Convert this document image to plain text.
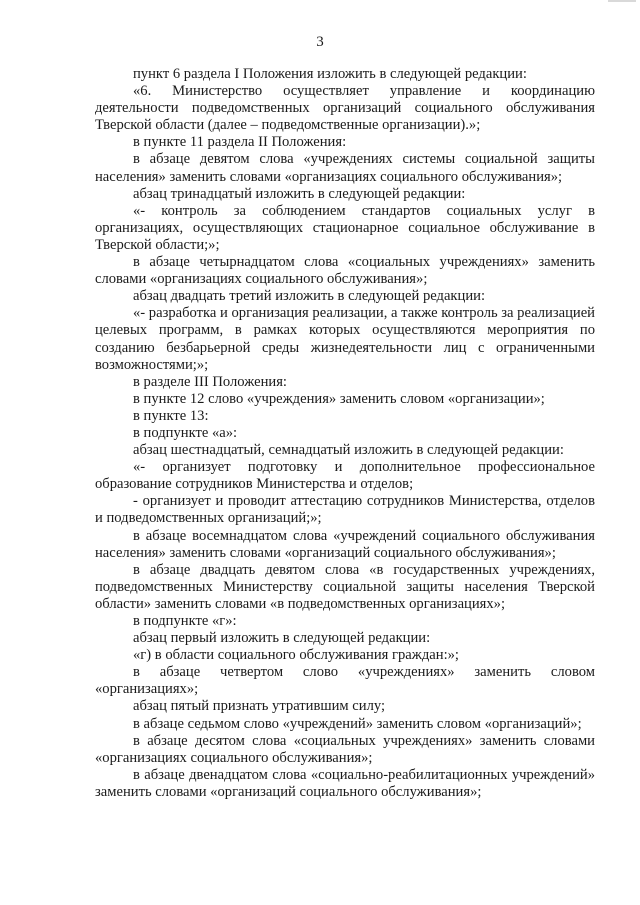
3

пункт 6 раздела I Положения изложить в следующей редакции:

«6. Министерство осуществляет управление и координацию деятельности подведомственных организаций социального обслуживания Тверской области (далее – подведомственные организации).»;

в пункте 11 раздела II Положения:

в абзаце девятом слова «учреждениях системы социальной защиты населения» заменить словами «организациях социального обслуживания»;

абзац тринадцатый изложить в следующей редакции:

«- контроль за соблюдением стандартов социальных услуг в организациях, осуществляющих стационарное социальное обслуживание в Тверской области;»;

в абзаце четырнадцатом слова «социальных учреждениях» заменить словами «организациях социального обслуживания»;

абзац двадцать третий изложить в следующей редакции:

«- разработка и организация реализации, а также контроль за реализацией целевых программ, в рамках которых осуществляются мероприятия по созданию безбарьерной среды жизнедеятельности лиц с ограниченными возможностями;»;

в разделе III Положения:

в пункте 12 слово «учреждения» заменить словом «организации»;

в пункте 13:

в подпункте «а»:

абзац шестнадцатый, семнадцатый изложить в следующей редакции:

«- организует подготовку и дополнительное профессиональное образование сотрудников Министерства и отделов;

- организует и проводит аттестацию сотрудников Министерства, отделов и подведомственных организаций;»;

в абзаце восемнадцатом слова «учреждений социального обслуживания населения» заменить словами «организаций социального обслуживания»;

в абзаце двадцать девятом слова «в государственных учреждениях, подведомственных Министерству социальной защиты населения Тверской области» заменить словами «в подведомственных организациях»;

в подпункте «г»:

абзац первый изложить в следующей редакции:

«г) в области социального обслуживания граждан:»;

в абзаце четвертом слово «учреждениях» заменить словом «организациях»;

абзац пятый признать утратившим силу;

в абзаце седьмом слово «учреждений» заменить словом «организаций»;

в абзаце десятом слова «социальных учреждениях» заменить словами «организациях социального обслуживания»;

в абзаце двенадцатом слова «социально-реабилитационных учреждений» заменить словами «организаций социального обслуживания»;
